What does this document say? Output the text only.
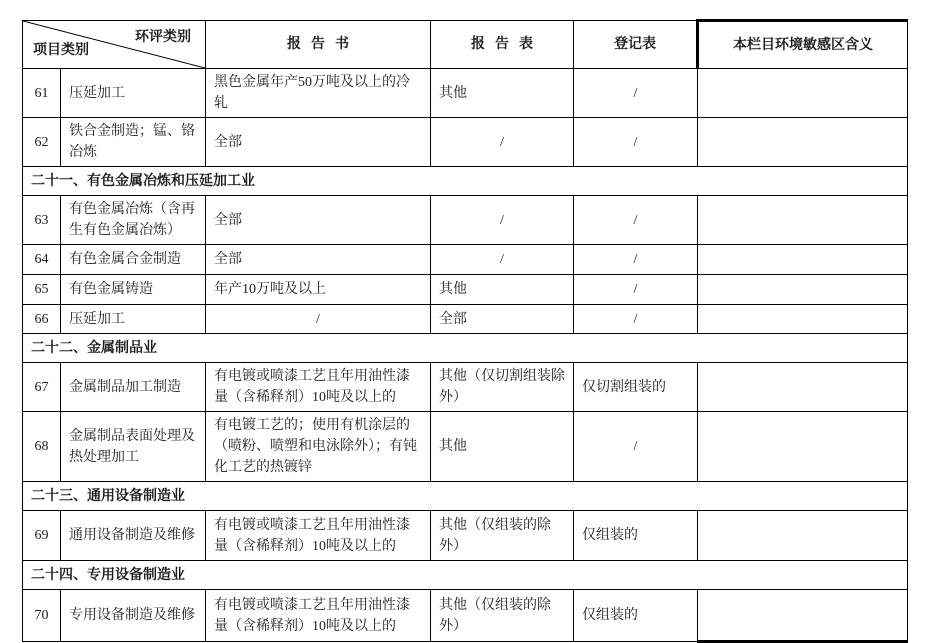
环评类别
项目类别		报告书	报告表	登记表	本栏目环境敏感区含义
61	压延加工	黑色金属年产50万吨及以上的冷轧	其他	/	
62	铁合金制造；锰、铬冶炼	全部	/	/	
二十一、有色金属冶炼和压延加工业					
63	有色金属冶炼（含再生有色金属冶炼）	全部	/	/	
64	有色金属合金制造	全部	/	/	
65	有色金属铸造	年产10万吨及以上	其他	/	
66	压延加工	/	全部	/	
二十二、金属制品业					
67	金属制品加工制造	有电镀或喷漆工艺且年用油性漆量（含稀释剂）10吨及以上的	其他（仅切割组装除外）	仅切割组装的	
68	金属制品表面处理及热处理加工	有电镀工艺的；使用有机涂层的（喷粉、喷塑和电泳除外）；有钝化工艺的热镀锌	其他	/	
二十三、通用设备制造业					
69	通用设备制造及维修	有电镀或喷漆工艺且年用油性漆量（含稀释剂）10吨及以上的	其他（仅组装的除外）	仅组装的	
二十四、专用设备制造业					
70	专用设备制造及维修	有电镀或喷漆工艺且年用油性漆量（含稀释剂）10吨及以上的	其他（仅组装的除外）	仅组装的	
